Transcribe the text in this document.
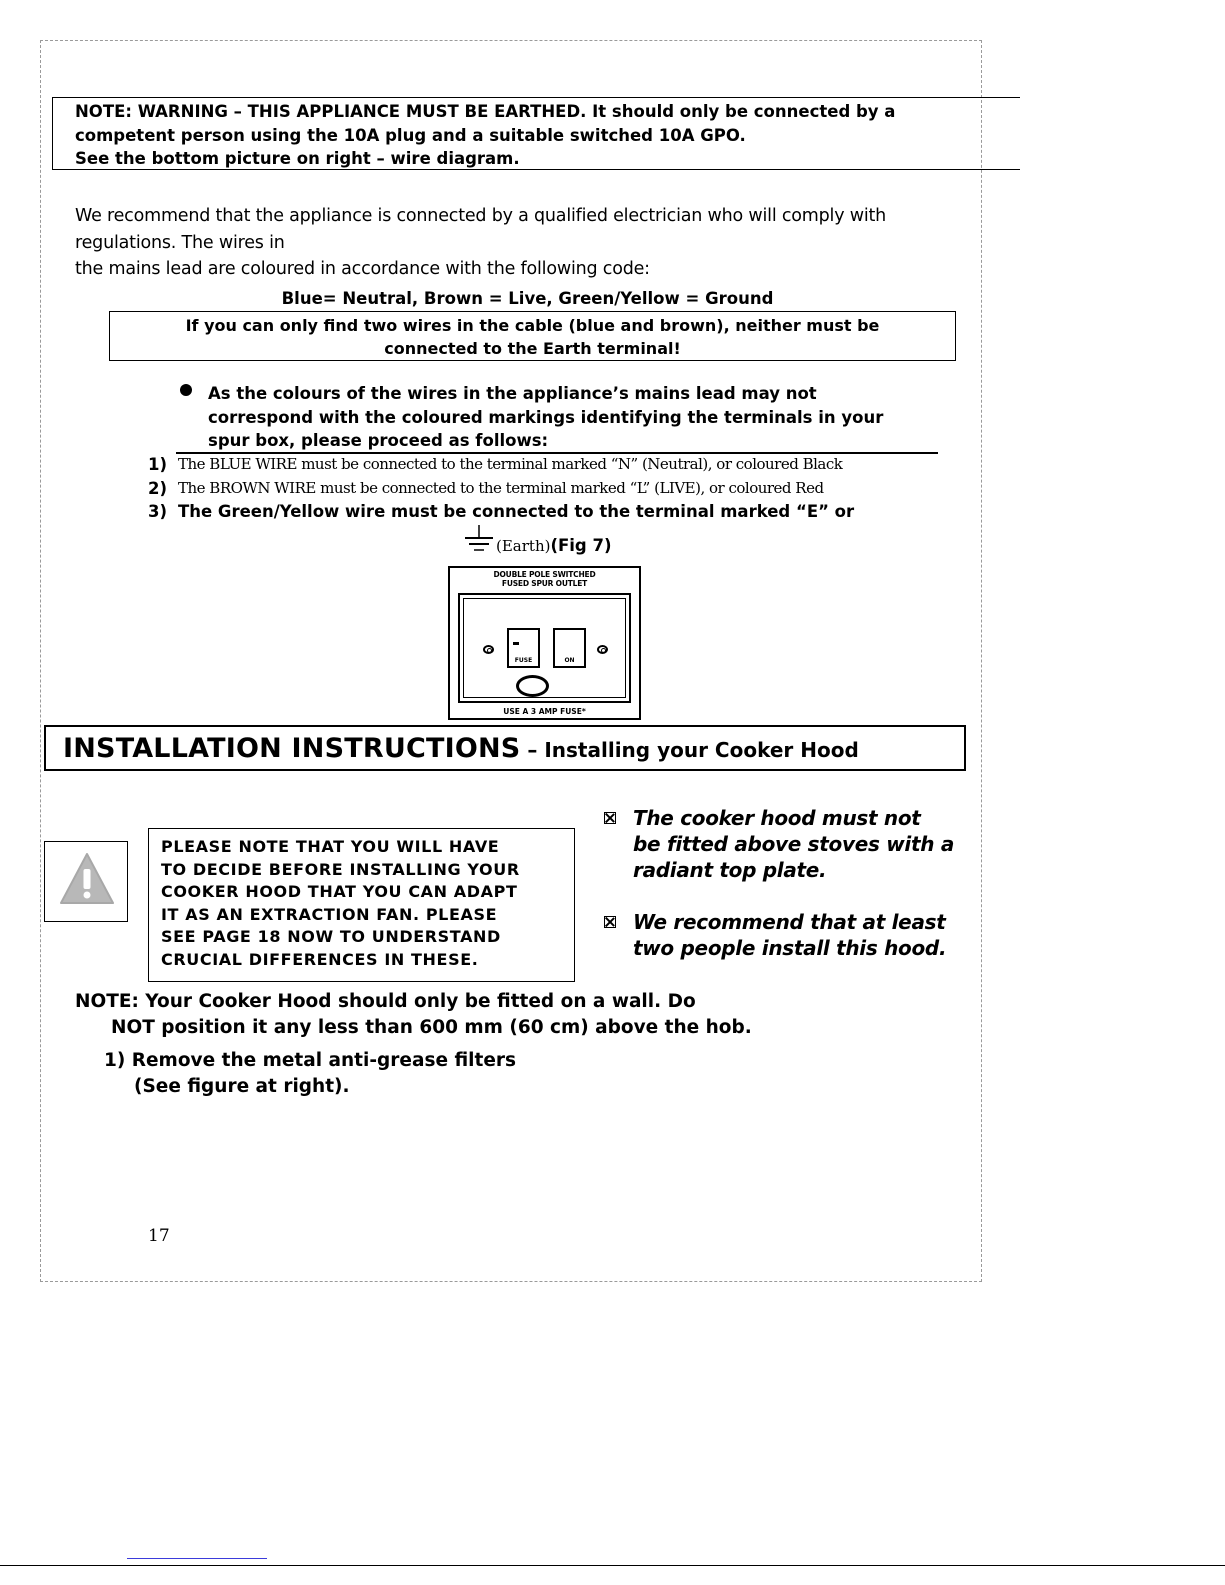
NOTE: WARNING – THIS APPLIANCE MUST BE EARTHED. It should only be connected by a
competent person using the 10A plug and a suitable switched 10A GPO.
See the bottom picture on right – wire diagram.
We recommend that the appliance is connected by a qualified electrician who will comply with
regulations. The wires in
the mains lead are coloured in accordance with the following code:
Blue= Neutral, Brown = Live, Green/Yellow = Ground
If you can only find two wires in the cable (blue and brown), neither must be
connected to the Earth terminal!
As the colours of the wires in the appliance’s mains lead may not
correspond with the coloured markings identifying the terminals in your
spur box, please proceed as follows:
1) The BLUE WIRE must be connected to the terminal marked “N” (Neutral), or coloured Black
2) The BROWN WIRE must be connected to the terminal marked “L” (LIVE), or coloured Red
3) The Green/Yellow wire must be connected to the terminal marked “E” or
(Earth)(Fig 7)
DOUBLE POLE SWITCHED
FUSED SPUR OUTLET
FUSE	ON
USE A 3 AMP FUSE*
INSTALLATION INSTRUCTIONS – Installing your Cooker Hood
PLEASE NOTE THAT YOU WILL HAVE
TO DECIDE BEFORE INSTALLING YOUR
COOKER HOOD THAT YOU CAN ADAPT
IT AS AN EXTRACTION FAN. PLEASE
SEE PAGE 18 NOW TO UNDERSTAND
CRUCIAL DIFFERENCES IN THESE.
The cooker hood must not
be fitted above stoves with a
radiant top plate.
We recommend that at least
two people install this hood.
NOTE: Your Cooker Hood should only be fitted on a wall. Do
NOT position it any less than 600 mm (60 cm) above the hob.
1) Remove the metal anti-grease filters
(See figure at right).
17
